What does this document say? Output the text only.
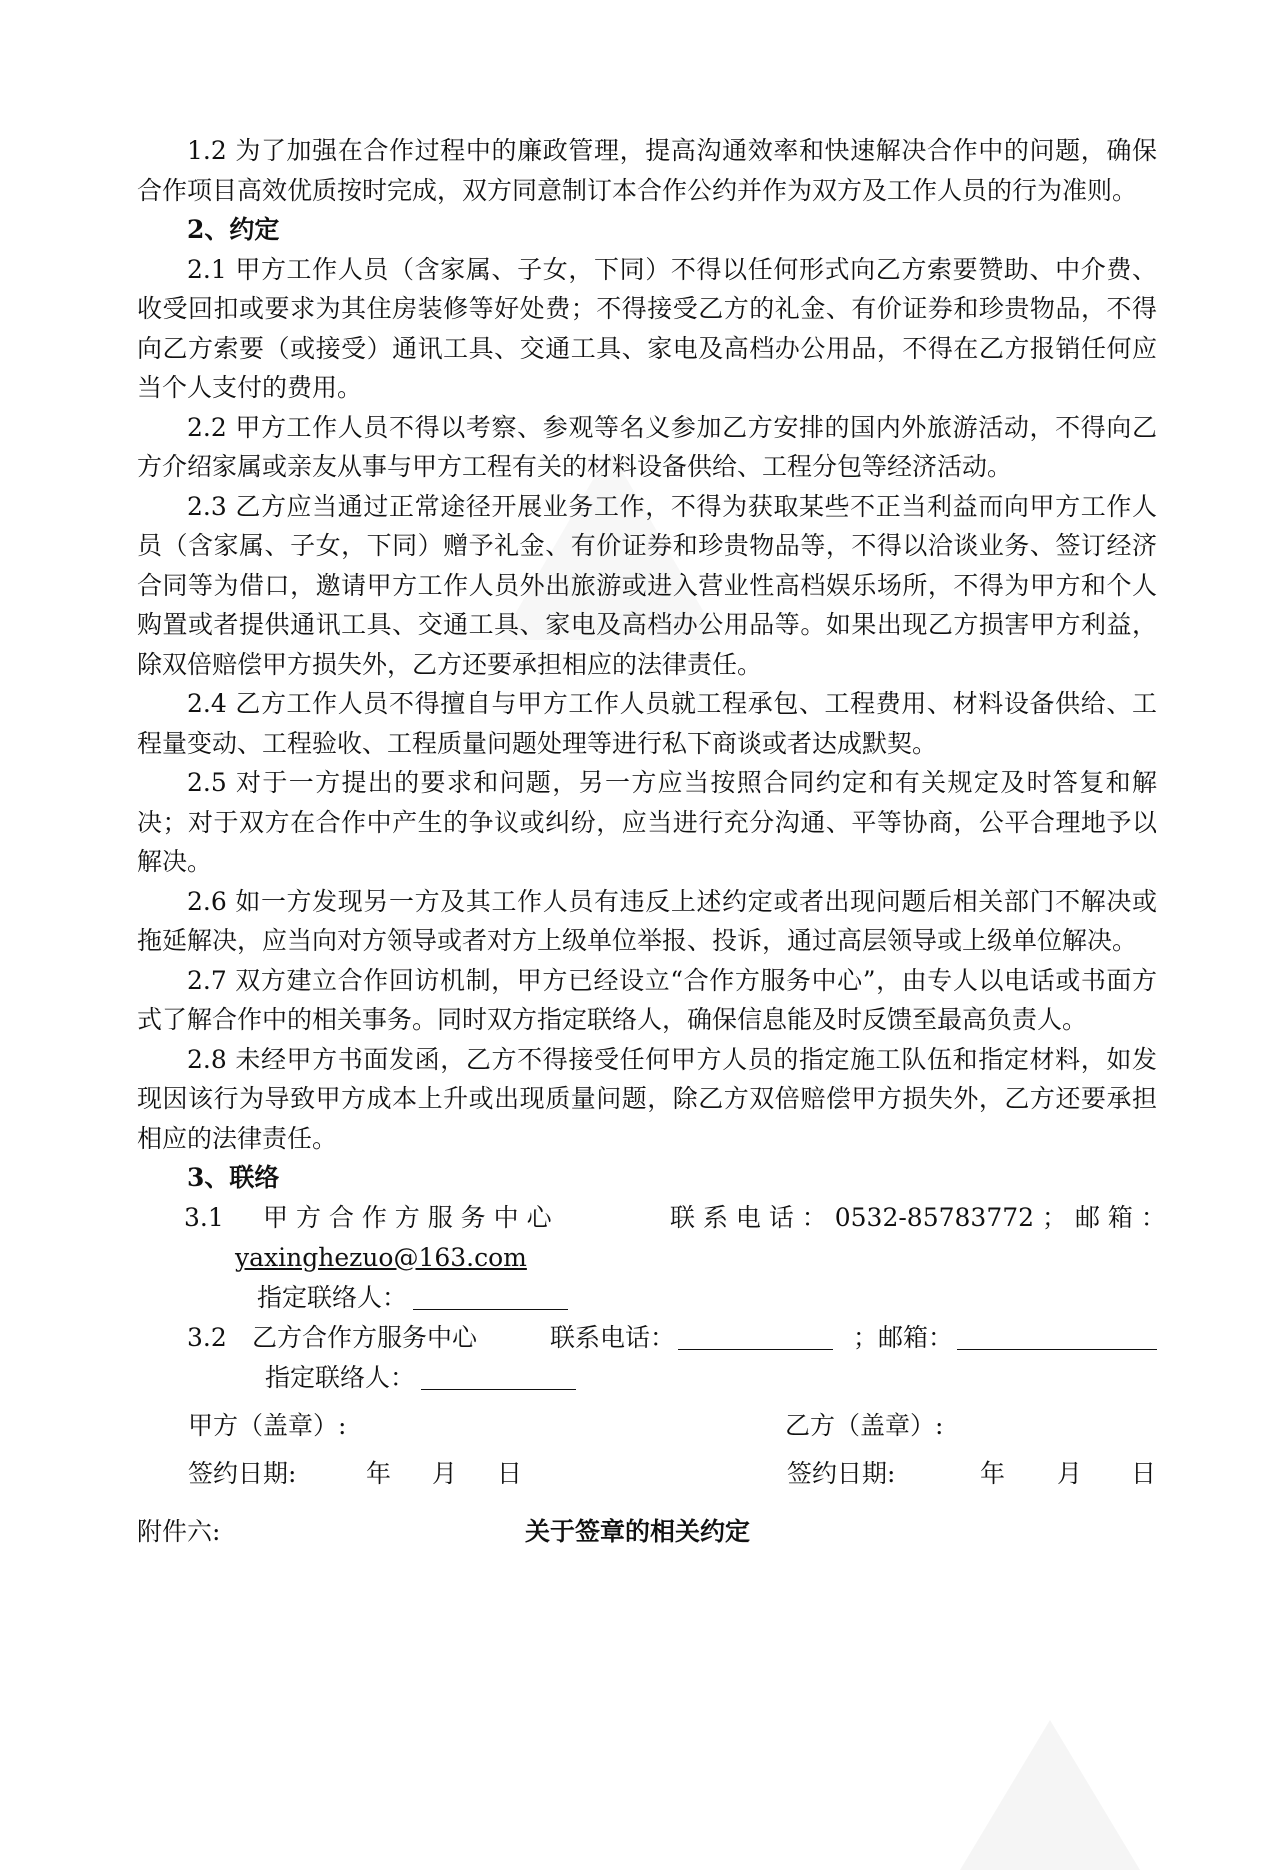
1.2 为了加强在合作过程中的廉政管理，提高沟通效率和快速解决合作中的问题，确保合作项目高效优质按时完成，双方同意制订本合作公约并作为双方及工作人员的行为准则。

2、约定

2.1 甲方工作人员（含家属、子女，下同）不得以任何形式向乙方索要赞助、中介费、收受回扣或要求为其住房装修等好处费；不得接受乙方的礼金、有价证券和珍贵物品，不得向乙方索要（或接受）通讯工具、交通工具、家电及高档办公用品，不得在乙方报销任何应当个人支付的费用。

2.2 甲方工作人员不得以考察、参观等名义参加乙方安排的国内外旅游活动，不得向乙方介绍家属或亲友从事与甲方工程有关的材料设备供给、工程分包等经济活动。

2.3 乙方应当通过正常途径开展业务工作，不得为获取某些不正当利益而向甲方工作人员（含家属、子女，下同）赠予礼金、有价证券和珍贵物品等，不得以洽谈业务、签订经济合同等为借口，邀请甲方工作人员外出旅游或进入营业性高档娱乐场所，不得为甲方和个人购置或者提供通讯工具、交通工具、家电及高档办公用品等。如果出现乙方损害甲方利益，除双倍赔偿甲方损失外，乙方还要承担相应的法律责任。

2.4 乙方工作人员不得擅自与甲方工作人员就工程承包、工程费用、材料设备供给、工程量变动、工程验收、工程质量问题处理等进行私下商谈或者达成默契。

2.5 对于一方提出的要求和问题，另一方应当按照合同约定和有关规定及时答复和解决；对于双方在合作中产生的争议或纠纷，应当进行充分沟通、平等协商，公平合理地予以解决。

2.6 如一方发现另一方及其工作人员有违反上述约定或者出现问题后相关部门不解决或拖延解决，应当向对方领导或者对方上级单位举报、投诉，通过高层领导或上级单位解决。

2.7 双方建立合作回访机制，甲方已经设立“合作方服务中心”，由专人以电话或书面方式了解合作中的相关事务。同时双方指定联络人，确保信息能及时反馈至最高负责人。

2.8 未经甲方书面发函，乙方不得接受任何甲方人员的指定施工队伍和指定材料，如发现因该行为导致甲方成本上升或出现质量问题，除乙方双倍赔偿甲方损失外，乙方还要承担相应的法律责任。

3、联络

3.1 甲 方 合 作 方 服 务 中 心	联 系 电 话 ： 0532-85783772 ； 邮 箱 ：
yaxinghezuo@163.com
指定联络人：
3.2 乙方合作方服务中心	联系电话：	；邮箱：
指定联络人：
甲方（盖章）:	乙方（盖章）:
签约日期:	年 月 日	签约日期:	年 月 日
附件六:	关于签章的相关约定
